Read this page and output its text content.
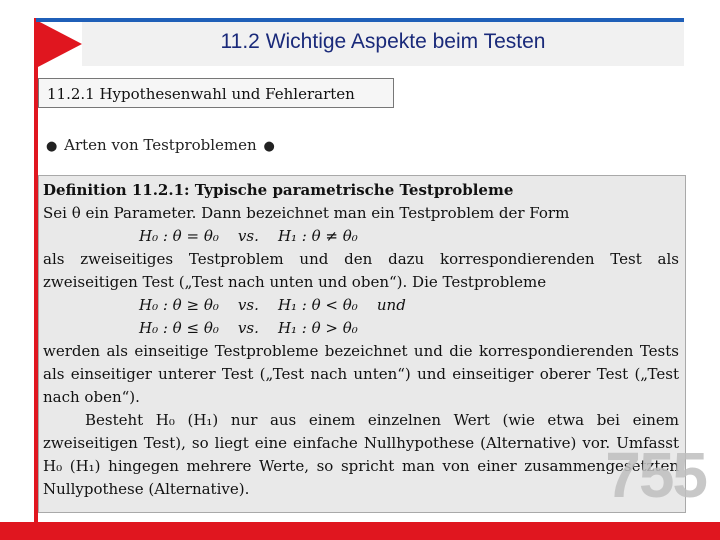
11.2 Wichtige Aspekte beim Testen
11.2.1 Hypothesenwahl und Fehlerarten
● Arten von Testproblemen ●

Definition 11.2.1: Typische parametrische Testprobleme

Sei θ ein Parameter. Dann bezeichnet man ein Testproblem der Form

H₀ : θ = θ₀    vs.    H₁ : θ ≠ θ₀

als zweiseitiges Testproblem und den dazu korrespondierenden Test als zweiseitigen Test („Test nach unten und oben“). Die Testprobleme

H₀ : θ ≥ θ₀    vs.    H₁ : θ < θ₀    und

H₀ : θ ≤ θ₀    vs.    H₁ : θ > θ₀

werden als einseitige Testprobleme bezeichnet und die korrespondierenden Tests als einseitiger unterer Test („Test nach unten“) und einseitiger oberer Test („Test nach oben“).

Besteht H₀ (H₁) nur aus einem einzelnen Wert (wie etwa bei einem zweiseitigen Test), so liegt eine einfache Nullhypothese (Alternative) vor. Umfasst H₀ (H₁) hingegen mehrere Werte, so spricht man von einer zusammengesetzten Nullypothese (Alternative).	755
